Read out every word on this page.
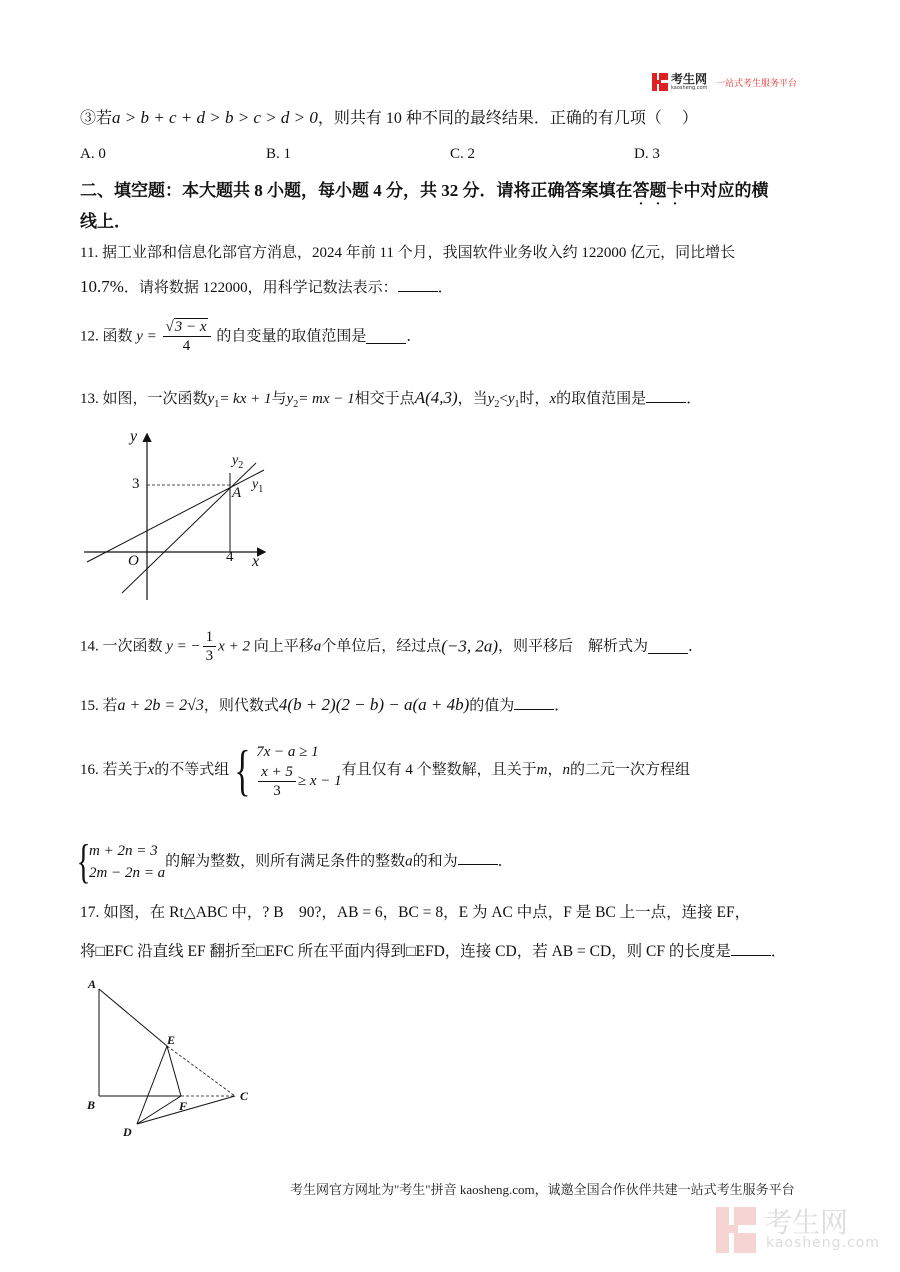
考生网
kaosheng.com 一站式考生服务平台
③若a > b + c + d > b > c > d > 0，则共有 10 种不同的最终结果．正确的有几项（　 ）
A. 0	B. 1	C. 2	D. 3
二、填空题：本大题共 8 小题，每小题 4 分，共 32 分．请将正确答案填在答题卡中对应的横
线上．
11. 据工业部和信息化部官方消息，2024 年前 11 个月，我国软件业务收入约 122000 亿元，同比增长
10.7%．请将数据 122000，用科学记数法表示：	．
12. 函数 $y = \frac{√3 - x}{4}$ 的自变量的取值范围是	．
13. 如图，一次函数$y_1=$ kx + 1与$y_2=$ mx − 1相交于点A(4,3)，当$y_2<y_1$时，x的取值范围是	．
y
x
O
3
4
A
$y_1$
$y_2$
14. 一次函数 y = − $\frac{1}{3}$ x + 2 向上平移a个单位后，经过点(−3, 2a)，则平移后　解析式为	．
15. 若a + 2b = 2√3，则代数式4(b + 2)(2 − b) − a(a + 4b)的值为	．
16. 若关于x的不等式组{ 7x − a ≥ 1
$\frac{x + 5}{3} \ge x - 1$
有且仅有 4 个整数解，且关于m，n的二元一次方程组
{
m + 2n = 3
2m − 2n = a
的解为整数，则所有满足条件的整数a的和为	．
17. 如图，在 Rt△ABC 中，? B　90?，AB = 6，BC = 8，E 为 AC 中点，F 是 BC 上一点，连接 EF，
将□EFC 沿直线 EF 翻折至□EFC 所在平面内得到□EFD，连接 CD，若 AB = CD，则 CF 的长度是	．
A
B
C
D
E
F
考生网官方网址为"考生"拼音 kaosheng.com，诚邀全国合作伙伴共建一站式考生服务平台
考生网
kaosheng.com
